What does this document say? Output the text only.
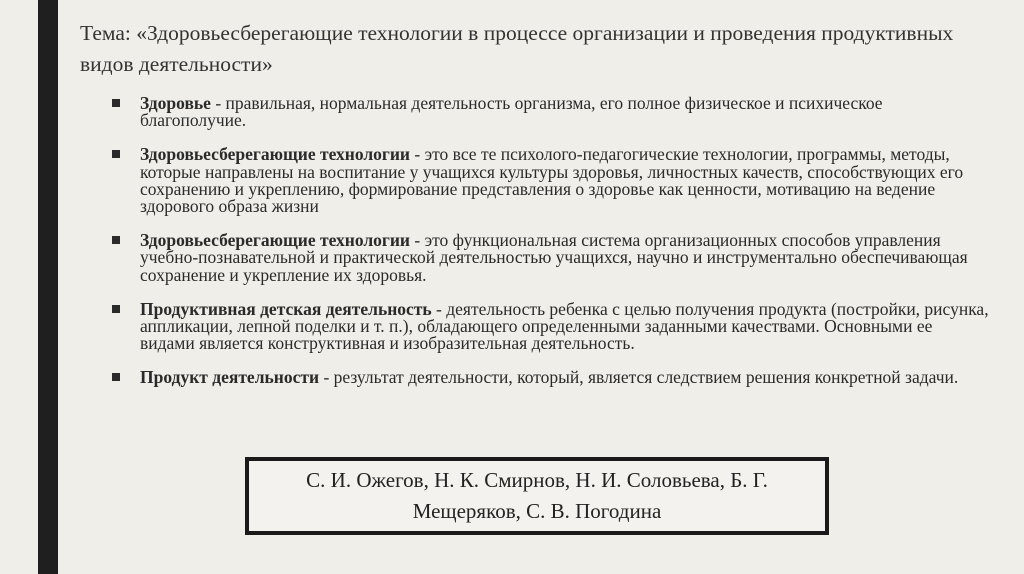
Тема: «Здоровьесберегающие технологии в процессе организации и проведения продуктивных видов деятельности»
Здоровье - правильная, нормальная деятельность организма, его полное физическое и психическое благополучие.
Здоровьесберегающие технологии - это все те психолого-педагогические технологии, программы, методы, которые направлены на воспитание у учащихся культуры здоровья, личностных качеств, способствующих его сохранению и укреплению, формирование представления о здоровье как ценности, мотивацию на ведение здорового образа жизни
Здоровьесберегающие технологии - это функциональная система организационных способов управления учебно-познавательной и практической деятельностью учащихся, научно и инструментально обеспечивающая сохранение и укрепление их здоровья.
Продуктивная детская деятельность - деятельность ребенка с целью получения продукта (постройки, рисунка, аппликации, лепной поделки и т. п.), обладающего определенными заданными качествами. Основными ее видами является конструктивная и изобразительная деятельность.
Продукт деятельности - результат деятельности, который, является следствием решения конкретной задачи.
С. И. Ожегов, Н. К. Смирнов, Н. И. Соловьева, Б. Г. Мещеряков, С. В. Погодина
